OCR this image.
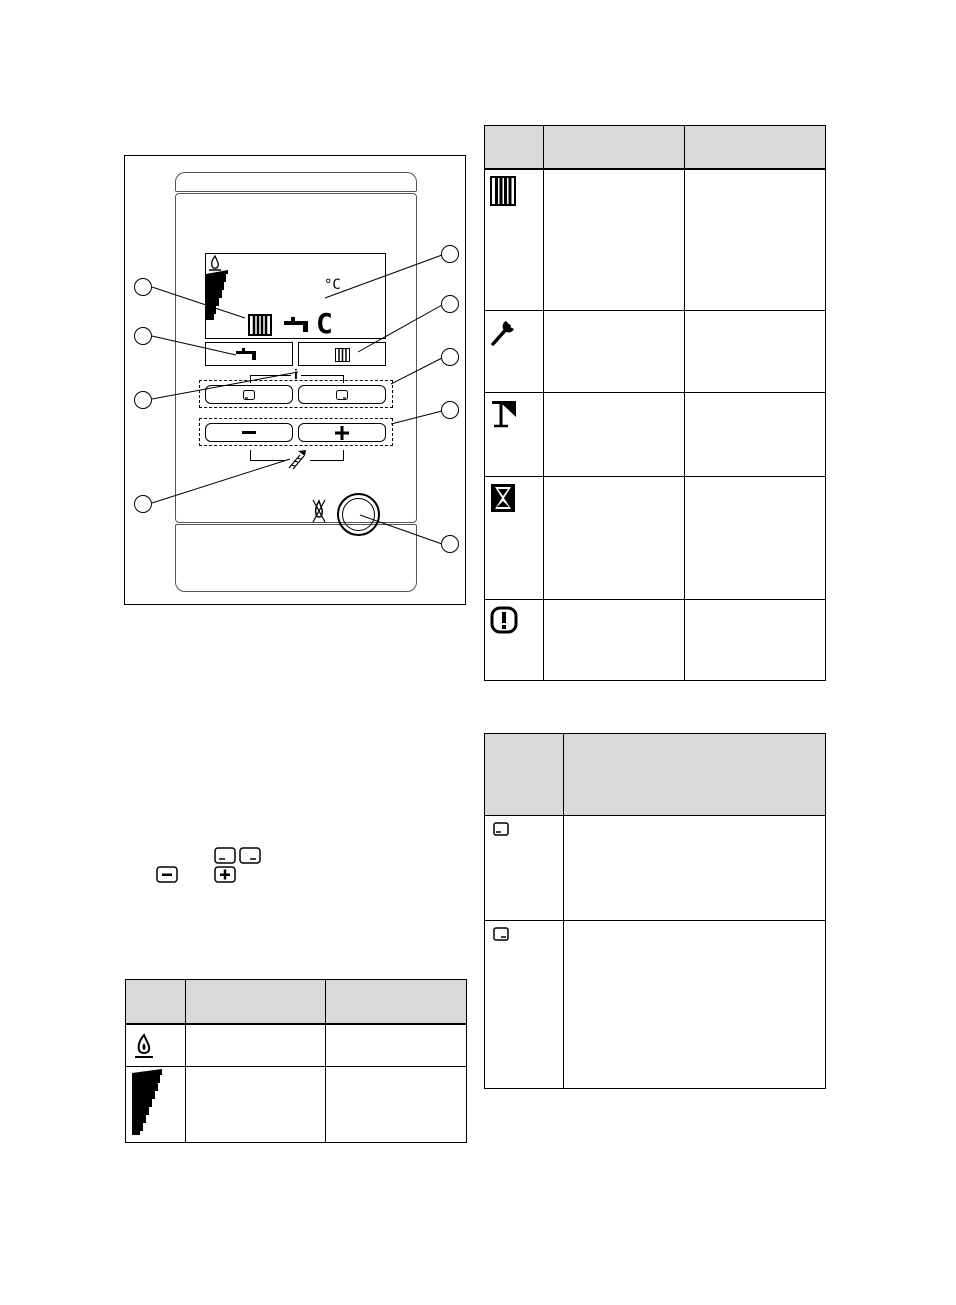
°C
C
i
